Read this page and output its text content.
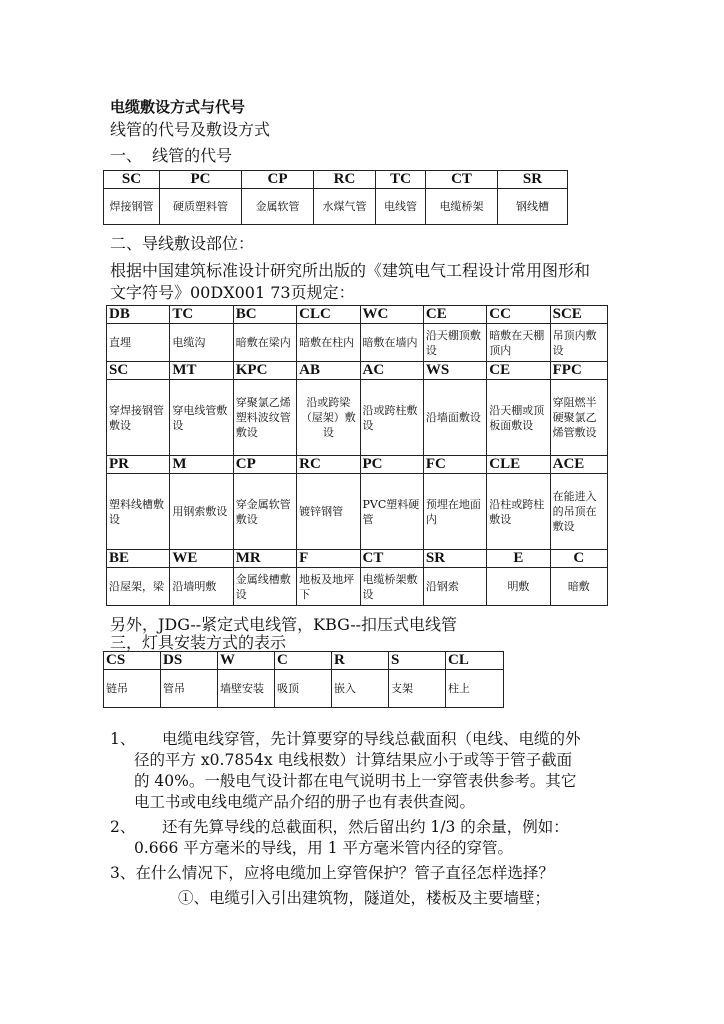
电缆敷设方式与代号
线管的代号及敷设方式
一、  线管的代号
SC	PC	CP	RC	TC	CT	SR
焊接钢管	硬质塑料管	金属软管	水煤气管	电线管	电缆桥架	钢线槽
二、导线敷设部位：
根据中国建筑标准设计研究所出版的《建筑电气工程设计常用图形和
文字符号》00DX001 73页规定：
DB	TC	BC	CLC	WC	CE	CC	SCE
直埋	电缆沟	暗敷在梁内	暗敷在柱内	暗敷在墙内	沿天棚顶敷设	暗敷在天棚顶内	吊顶内敷设
SC	MT	KPC	AB	AC	WS	CE	FPC
穿焊接钢管敷设	穿电线管敷设	穿聚氯乙烯塑料波纹管敷设	沿或跨梁（屋架）敷设	沿或跨柱敷设	沿墙面敷设	沿天棚或顶板面敷设	穿阻燃半硬聚氯乙烯管敷设
PR	M	CP	RC	PC	FC	CLE	ACE
塑料线槽敷设	用钢索敷设	穿金属软管敷设	镀锌钢管	PVC塑料硬管	预埋在地面内	沿柱或跨柱敷设	在能进入的吊顶在敷设
BE	WE	MR	F	CT	SR	E	C
沿屋架，梁	沿墙明敷	金属线槽敷设	地板及地坪下	电缆桥架敷设	沿钢索	明敷	暗敷
另外，JDG--紧定式电线管，KBG--扣压式电线管
三，灯具安装方式的表示
CS	DS	W	C	R	S	CL
链吊	管吊	墙壁安装	吸顶	嵌入	支架	柱上
1、 电缆电线穿管，先计算要穿的导线总截面积（电线、电缆的外
径的平方 x0.7854x 电线根数）计算结果应小于或等于管子截面
的 40%。一般电气设计都在电气说明书上一穿管表供参考。其它
电工书或电线电缆产品介绍的册子也有表供查阅。
2、 还有先算导线的总截面积，然后留出约 1/3 的余量，例如：
0.666 平方毫米的导线，用 1 平方毫米管内径的穿管。
3、在什么情况下，应将电缆加上穿管保护？管子直径怎样选择？
①、电缆引入引出建筑物，隧道处，楼板及主要墙壁；
